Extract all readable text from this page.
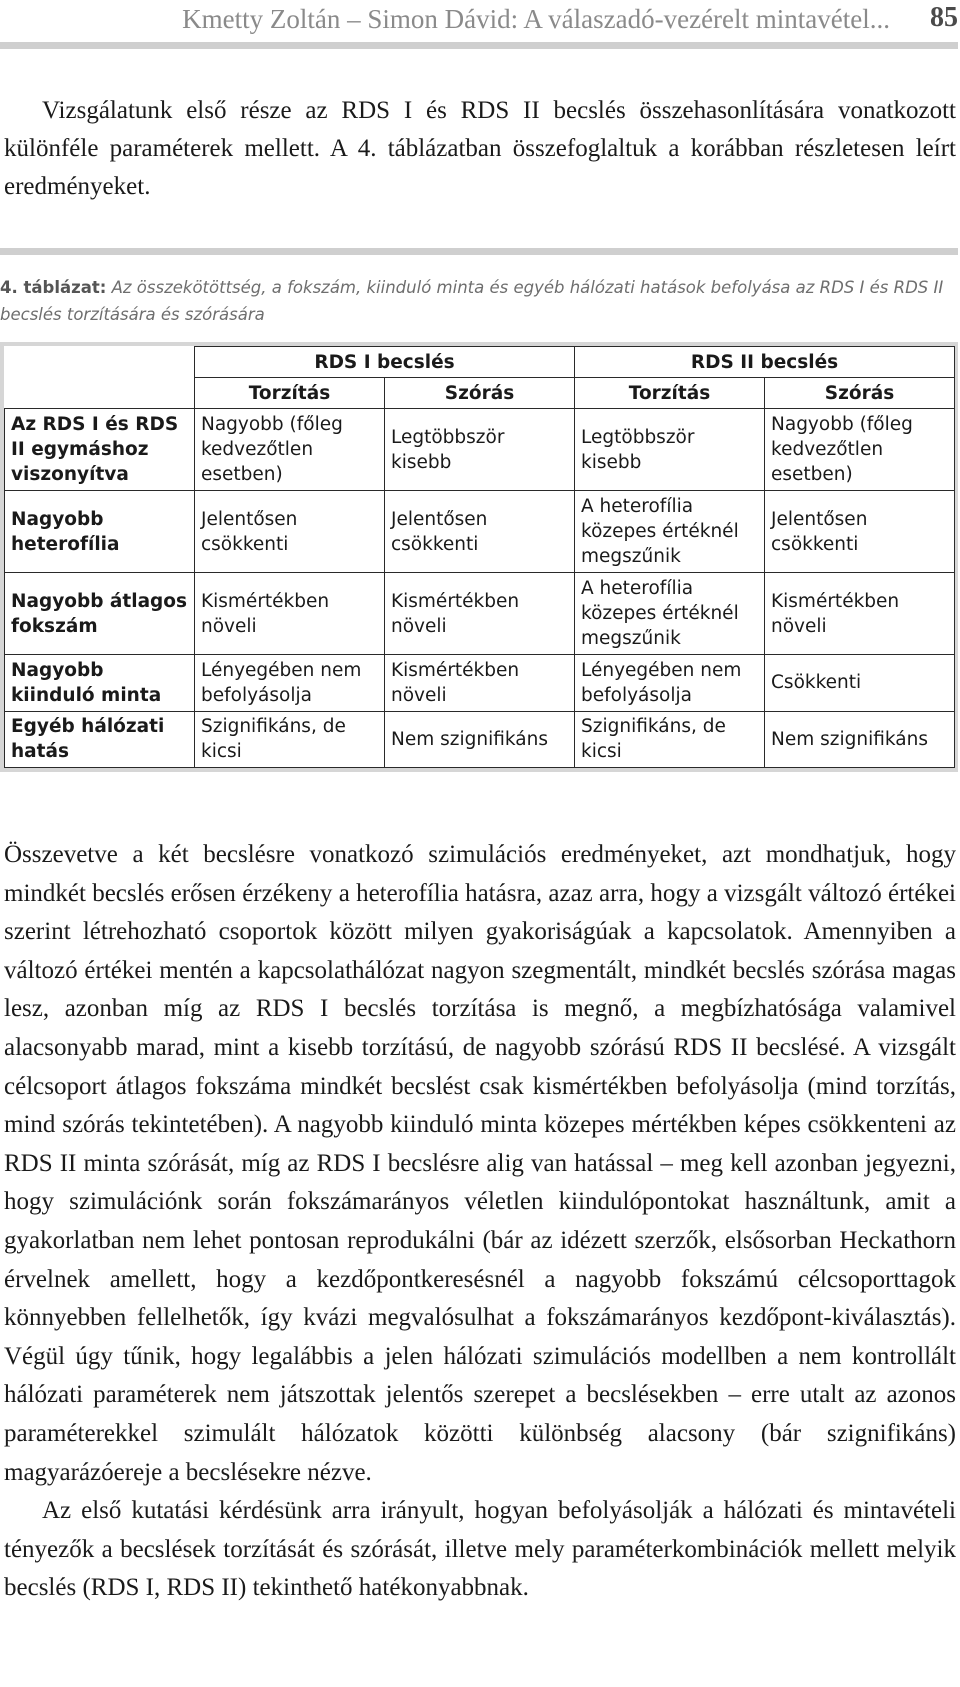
Kmetty Zoltán – Simon Dávid: A válaszadó-vezérelt mintavétel... 85
Vizsgálatunk első része az RDS I és RDS II becslés összehasonlítására vonatkozott különféle paraméterek mellett. A 4. táblázatban összefoglaltuk a korábban részletesen leírt eredményeket.
4. táblázat: Az összekötöttség, a fokszám, kiinduló minta és egyéb hálózati hatások befolyása az RDS I és RDS II becslés torzítására és szórására
	RDS I becslés		RDS II becslés	
	Torzítás	Szórás	Torzítás	Szórás
Az RDS I és RDS II egymáshoz viszonyítva	Nagyobb (főleg kedvezőtlen esetben)	Legtöbbször kisebb	Legtöbbször kisebb	Nagyobb (főleg kedvezőtlen esetben)
Nagyobb heterofília	Jelentősen csökkenti	Jelentősen csökkenti	A heterofília közepes értéknél megszűnik	Jelentősen csökkenti
Nagyobb átlagos fokszám	Kismértékben növeli	Kismértékben növeli	A heterofília közepes értéknél megszűnik	Kismértékben növeli
Nagyobb kiinduló minta	Lényegében nem befolyásolja	Kismértékben növeli	Lényegében nem befolyásolja	Csökkenti
Egyéb hálózati hatás	Szignifikáns, de kicsi	Nem szignifikáns	Szignifikáns, de kicsi	Nem szignifikáns

Összevetve a két becslésre vonatkozó szimulációs eredményeket, azt mondhatjuk, hogy mindkét becslés erősen érzékeny a heterofília hatásra, azaz arra, hogy a vizsgált változó értékei szerint létrehozható csoportok között milyen gyakoriságúak a kapcsolatok. Amennyiben a változó értékei mentén a kapcsolathálózat nagyon szegmentált, mindkét becslés szórása magas lesz, azonban míg az RDS I becslés torzítása is megnő, a megbízhatósága valamivel alacsonyabb marad, mint a kisebb torzítású, de nagyobb szórású RDS II becslésé. A vizsgált célcsoport átlagos fokszáma mindkét becslést csak kismértékben befolyásolja (mind torzítás, mind szórás tekintetében). A nagyobb kiinduló minta közepes mértékben képes csökkenteni az RDS II minta szórását, míg az RDS I becslésre alig van hatással – meg kell azonban jegyezni, hogy szimulációnk során fokszámarányos véletlen kiindulópontokat használtunk, amit a gyakorlatban nem lehet pontosan reprodukálni (bár az idézett szerzők, elsősorban Heckathorn érvelnek amellett, hogy a kezdőpontkeresésnél a nagyobb fokszámú célcsoporttagok könnyebben fellelhetők, így kvázi megvalósulhat a fokszámarányos kezdőpont-kiválasztás). Végül úgy tűnik, hogy legalábbis a jelen hálózati szimulációs modellben a nem kontrollált hálózati paraméterek nem játszottak jelentős szerepet a becslésekben – erre utalt az azonos paraméterekkel szimulált hálózatok közötti különbség alacsony (bár szignifikáns) magyarázóereje a becslésekre nézve.

Az első kutatási kérdésünk arra irányult, hogyan befolyásolják a hálózati és mintavételi tényezők a becslések torzítását és szórását, illetve mely paraméterkombinációk mellett melyik becslés (RDS I, RDS II) tekinthető hatékonyabbnak.
